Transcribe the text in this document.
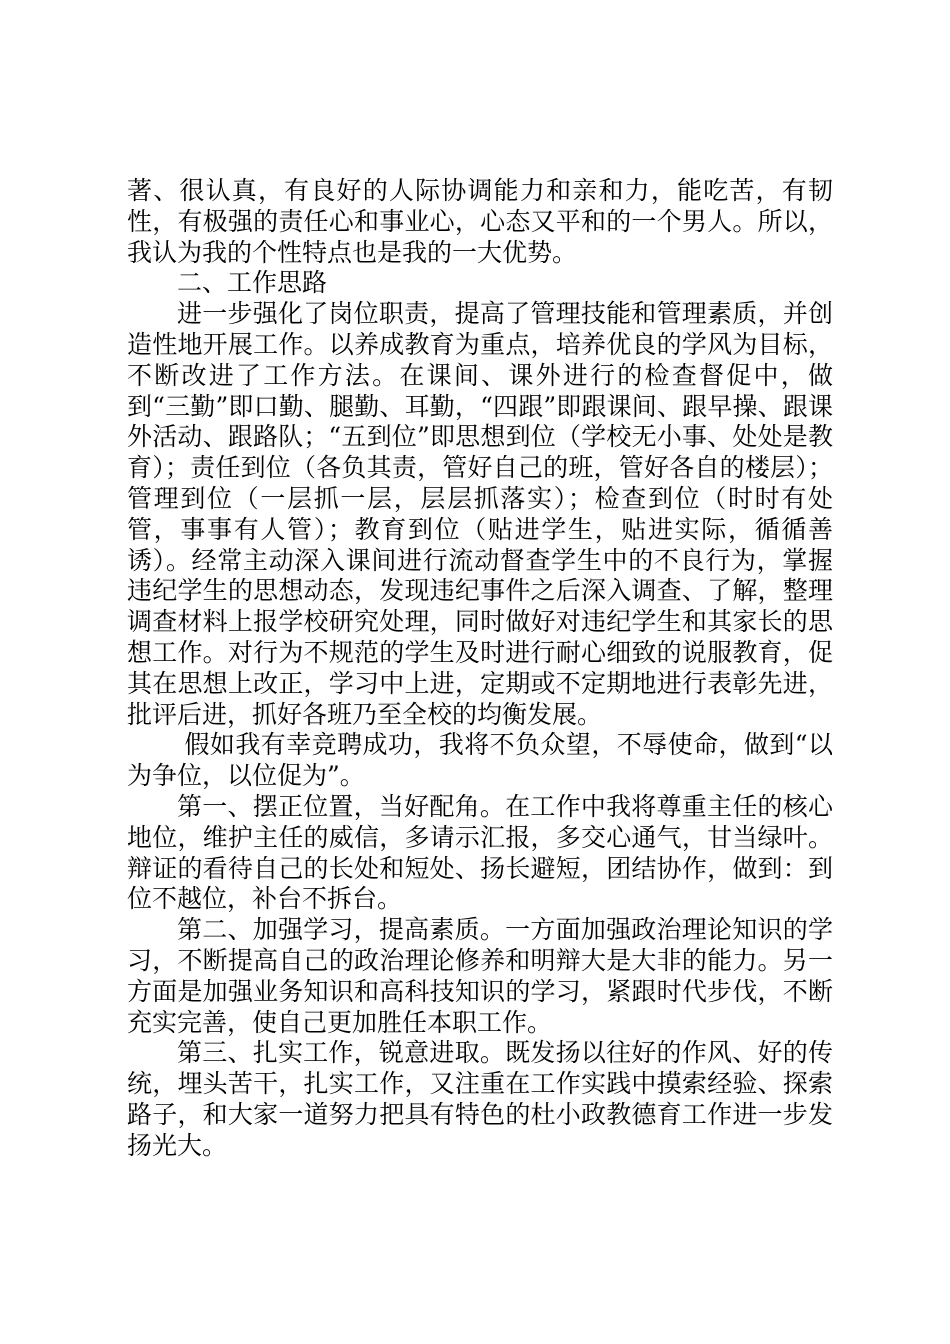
著、很认真，有良好的人际协调能力和亲和力，能吃苦，有韧性，有极强的责任心和事业心，心态又平和的一个男人。所以，我认为我的个性特点也是我的一大优势。

二、工作思路

进一步强化了岗位职责，提高了管理技能和管理素质，并创造性地开展工作。以养成教育为重点，培养优良的学风为目标，不断改进了工作方法。在课间、课外进行的检查督促中，做到“三勤”即口勤、腿勤、耳勤，“四跟”即跟课间、跟早操、跟课外活动、跟路队；“五到位”即思想到位（学校无小事、处处是教育）；责任到位（各负其责，管好自己的班，管好各自的楼层）；管理到位（一层抓一层，层层抓落实）；检查到位（时时有处管，事事有人管）；教育到位（贴进学生，贴进实际，循循善诱）。经常主动深入课间进行流动督查学生中的不良行为，掌握违纪学生的思想动态，发现违纪事件之后深入调查、了解，整理调查材料上报学校研究处理，同时做好对违纪学生和其家长的思想工作。对行为不规范的学生及时进行耐心细致的说服教育，促其在思想上改正，学习中上进，定期或不定期地进行表彰先进，批评后进，抓好各班乃至全校的均衡发展。

假如我有幸竞聘成功，我将不负众望，不辱使命，做到“以为争位，以位促为”。

第一、摆正位置，当好配角。在工作中我将尊重主任的核心地位，维护主任的威信，多请示汇报，多交心通气，甘当绿叶。辩证的看待自己的长处和短处、扬长避短，团结协作，做到：到位不越位，补台不拆台。

第二、加强学习，提高素质。一方面加强政治理论知识的学习，不断提高自己的政治理论修养和明辩大是大非的能力。另一方面是加强业务知识和高科技知识的学习，紧跟时代步伐，不断充实完善，使自己更加胜任本职工作。

第三、扎实工作，锐意进取。既发扬以往好的作风、好的传统，埋头苦干，扎实工作，又注重在工作实践中摸索经验、探索路子，和大家一道努力把具有特色的杜小政教德育工作进一步发扬光大。
